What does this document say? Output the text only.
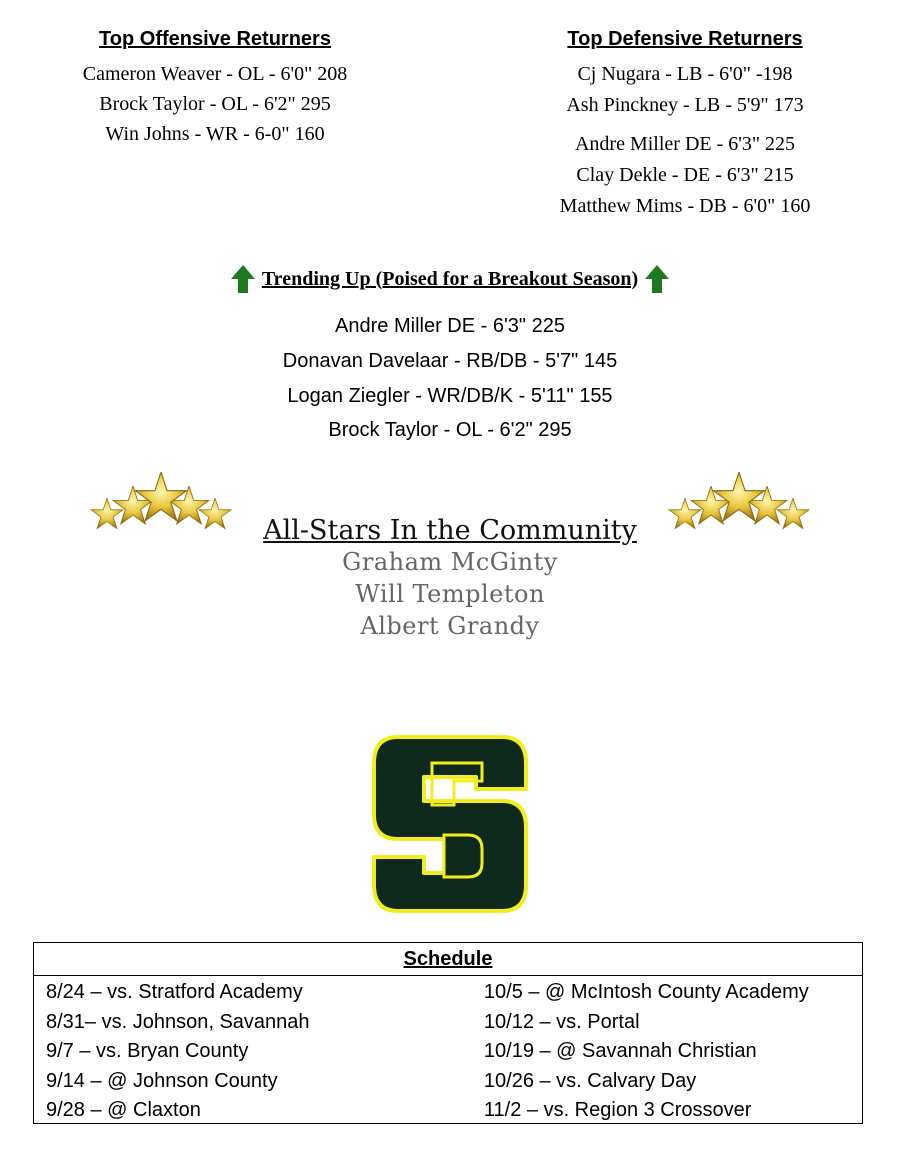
Top Offensive Returners
Cameron Weaver - OL - 6'0" 208
Brock Taylor - OL - 6'2" 295
Win Johns - WR - 6-0" 160
Top Defensive Returners
Cj Nugara - LB - 6'0" -198
Ash Pinckney - LB - 5'9" 173
Andre Miller DE - 6'3" 225
Clay Dekle - DE - 6'3" 215
Matthew Mims - DB - 6'0" 160
Trending Up (Poised for a Breakout Season)
Andre Miller DE - 6'3" 225
Donavan Davelaar - RB/DB - 5'7" 145
Logan Ziegler - WR/DB/K - 5'11" 155
Brock Taylor - OL - 6'2" 295
All-Stars In the Community
Graham McGinty
Will Templeton
Albert Grandy
Schedule
8/24 – vs. Stratford Academy
8/31– vs. Johnson, Savannah
9/7 – vs. Bryan County
9/14 – @ Johnson County
9/28 – @ Claxton
10/5 – @ McIntosh County Academy
10/12 – vs. Portal
10/19 – @ Savannah Christian
10/26 – vs. Calvary Day
11/2 – vs. Region 3 Crossover
